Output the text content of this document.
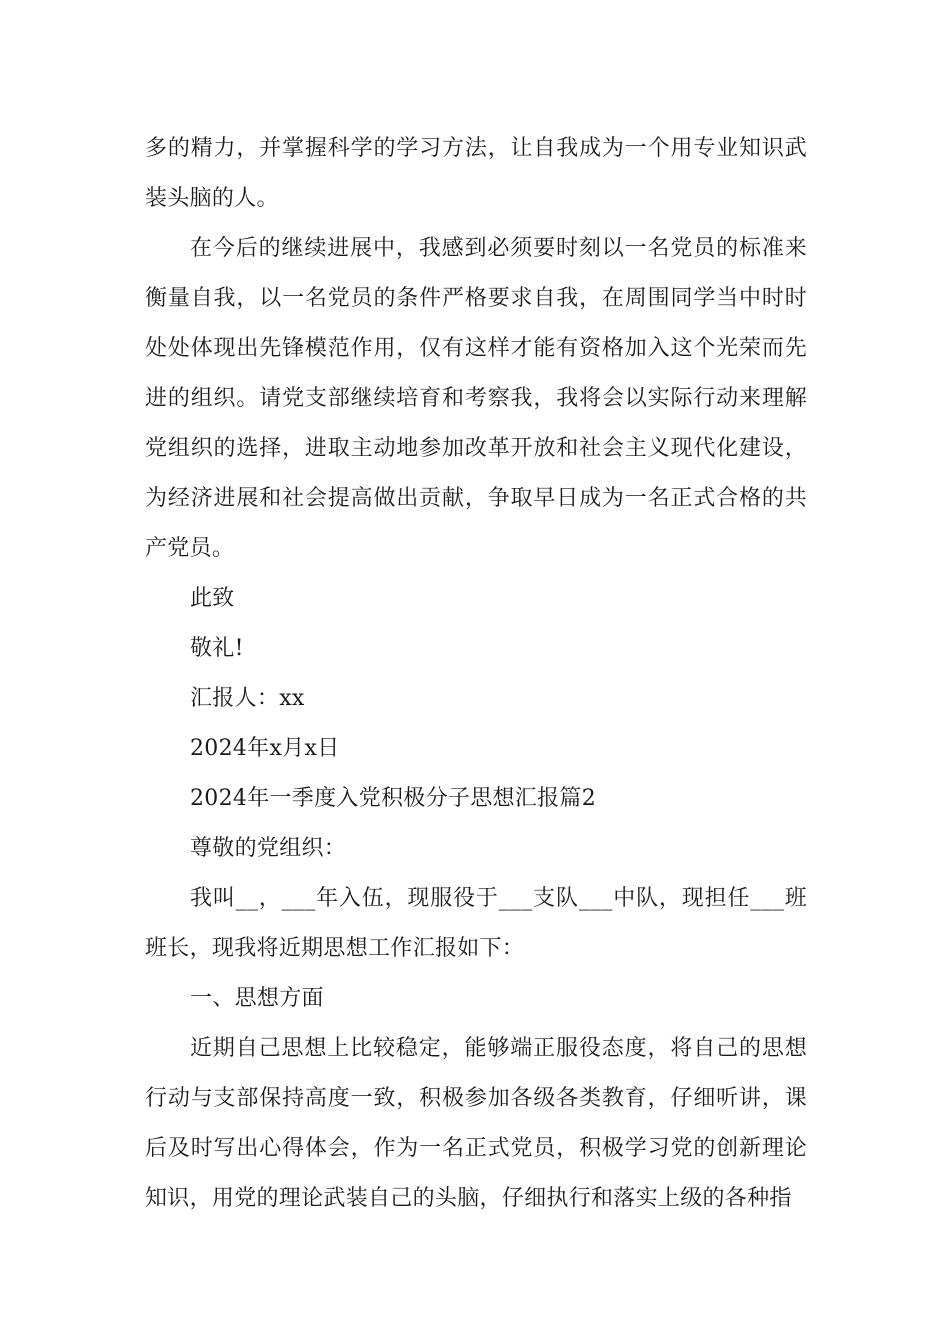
多的精力，并掌握科学的学习方法，让自我成为一个用专业知识武装头脑的人。

在今后的继续进展中，我感到必须要时刻以一名党员的标准来衡量自我，以一名党员的条件严格要求自我，在周围同学当中时时处处体现出先锋模范作用，仅有这样才能有资格加入这个光荣而先进的组织。请党支部继续培育和考察我，我将会以实际行动来理解党组织的选择，进取主动地参加改革开放和社会主义现代化建设，为经济进展和社会提高做出贡献，争取早日成为一名正式合格的共产党员。

此致

敬礼!

汇报人：xx

2024年x月x日

2024年一季度入党积极分子思想汇报篇2

尊敬的党组织：

我叫__，___年入伍，现服役于___支队___中队，现担任___班班长，现我将近期思想工作汇报如下：

一、思想方面

近期自己思想上比较稳定，能够端正服役态度，将自己的思想行动与支部保持高度一致，积极参加各级各类教育，仔细听讲，课后及时写出心得体会，作为一名正式党员，积极学习党的创新理论知识，用党的理论武装自己的头脑，仔细执行和落实上级的各种指
